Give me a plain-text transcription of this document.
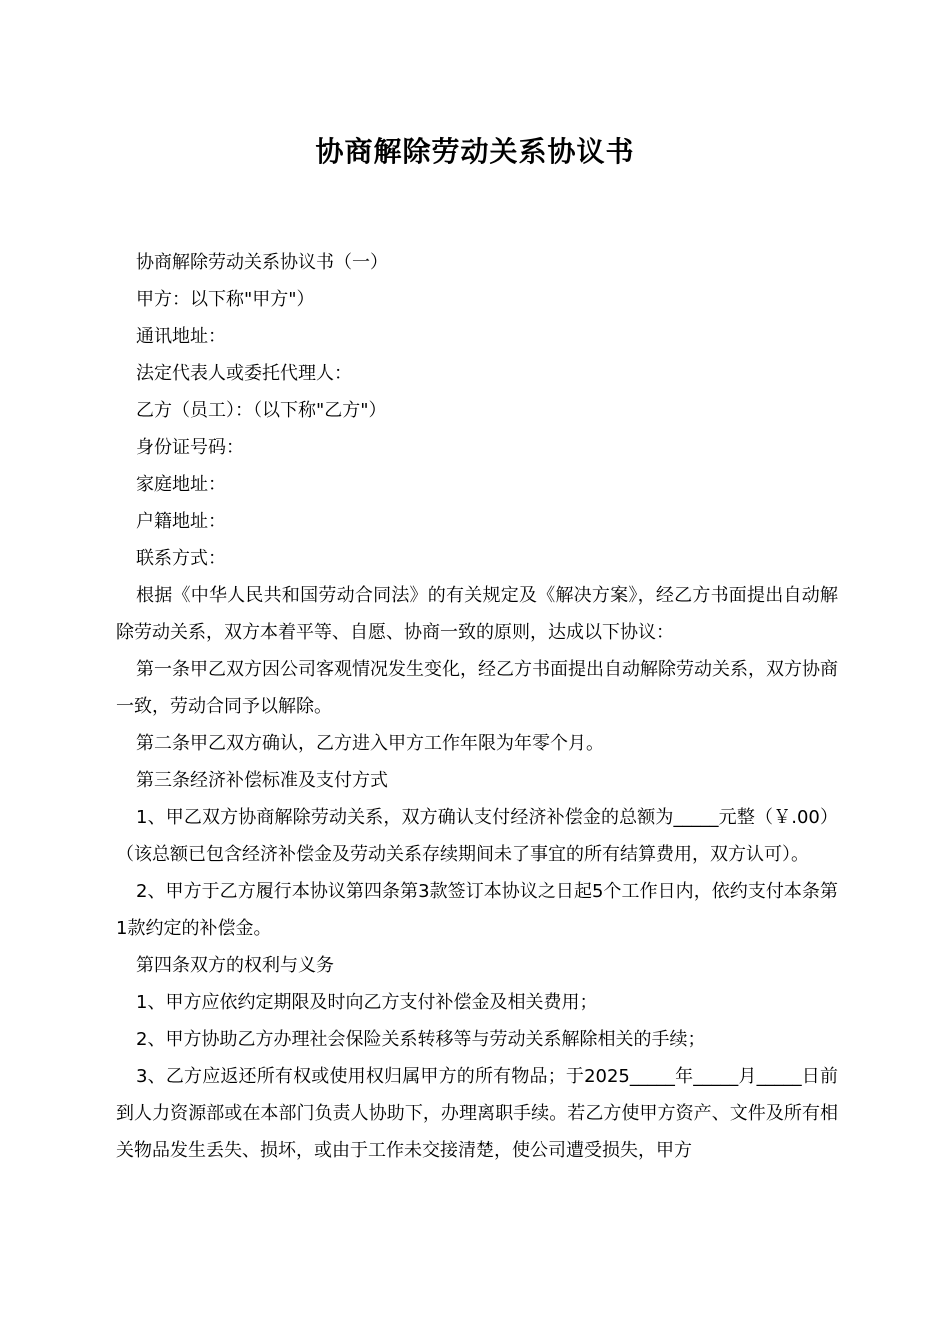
协商解除劳动关系协议书

协商解除劳动关系协议书（一）

甲方：以下称"甲方"）

通讯地址：

法定代表人或委托代理人：

乙方（员工）：（以下称"乙方"）

身份证号码：

家庭地址：

户籍地址：

联系方式：

根据《中华人民共和国劳动合同法》的有关规定及《解决方案》，经乙方书面提出自动解除劳动关系，双方本着平等、自愿、协商一致的原则，达成以下协议：

第一条甲乙双方因公司客观情况发生变化，经乙方书面提出自动解除劳动关系，双方协商一致，劳动合同予以解除。

第二条甲乙双方确认，乙方进入甲方工作年限为年零个月。

第三条经济补偿标准及支付方式

1、甲乙双方协商解除劳动关系，双方确认支付经济补偿金的总额为_____元整（￥.00）（该总额已包含经济补偿金及劳动关系存续期间未了事宜的所有结算费用，双方认可）。

2、甲方于乙方履行本协议第四条第3款签订本协议之日起5个工作日内，依约支付本条第1款约定的补偿金。

第四条双方的权利与义务

1、甲方应依约定期限及时向乙方支付补偿金及相关费用；

2、甲方协助乙方办理社会保险关系转移等与劳动关系解除相关的手续；

3、乙方应返还所有权或使用权归属甲方的所有物品；于2025_____年_____月_____日前到人力资源部或在本部门负责人协助下，办理离职手续。若乙方使甲方资产、文件及所有相关物品发生丢失、损坏，或由于工作未交接清楚，使公司遭受损失，甲方
